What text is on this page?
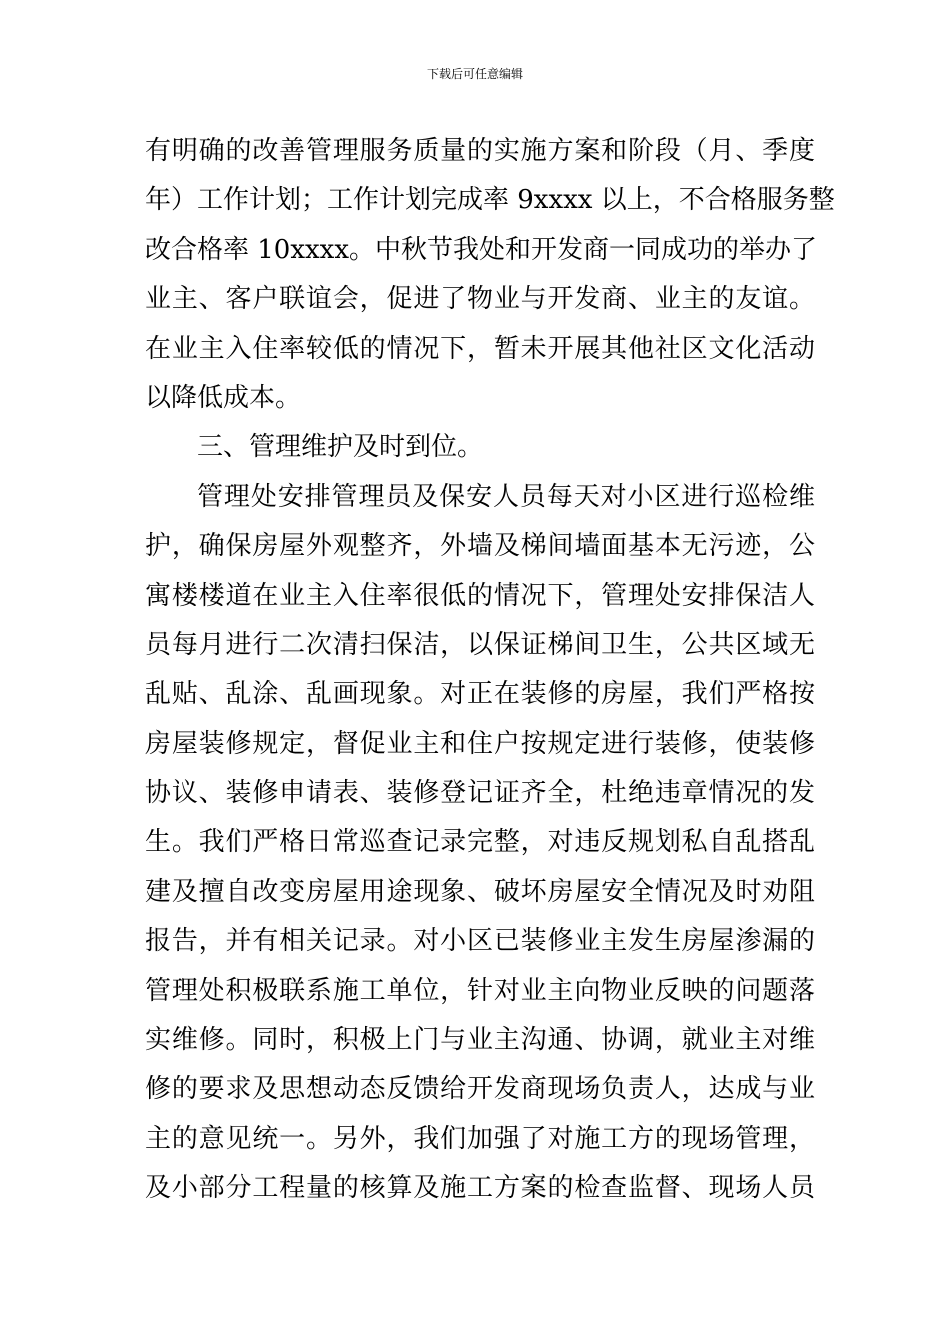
下载后可任意编辑
有明确的改善管理服务质量的实施方案和阶段（月、季度
年）工作计划；工作计划完成率 9xxxx 以上，不合格服务整
改合格率 10xxxx。中秋节我处和开发商一同成功的举办了
业主、客户联谊会，促进了物业与开发商、业主的友谊。
在业主入住率较低的情况下，暂未开展其他社区文化活动
以降低成本。
三、管理维护及时到位。
管理处安排管理员及保安人员每天对小区进行巡检维
护，确保房屋外观整齐，外墙及梯间墙面基本无污迹，公
寓楼楼道在业主入住率很低的情况下，管理处安排保洁人
员每月进行二次清扫保洁，以保证梯间卫生，公共区域无
乱贴、乱涂、乱画现象。对正在装修的房屋，我们严格按
房屋装修规定，督促业主和住户按规定进行装修，使装修
协议、装修申请表、装修登记证齐全，杜绝违章情况的发
生。我们严格日常巡查记录完整，对违反规划私自乱搭乱
建及擅自改变房屋用途现象、破坏房屋安全情况及时劝阻
报告，并有相关记录。对小区已装修业主发生房屋渗漏的
管理处积极联系施工单位，针对业主向物业反映的问题落
实维修。同时，积极上门与业主沟通、协调，就业主对维
修的要求及思想动态反馈给开发商现场负责人，达成与业
主的意见统一。另外，我们加强了对施工方的现场管理，
及小部分工程量的核算及施工方案的检查监督、现场人员
